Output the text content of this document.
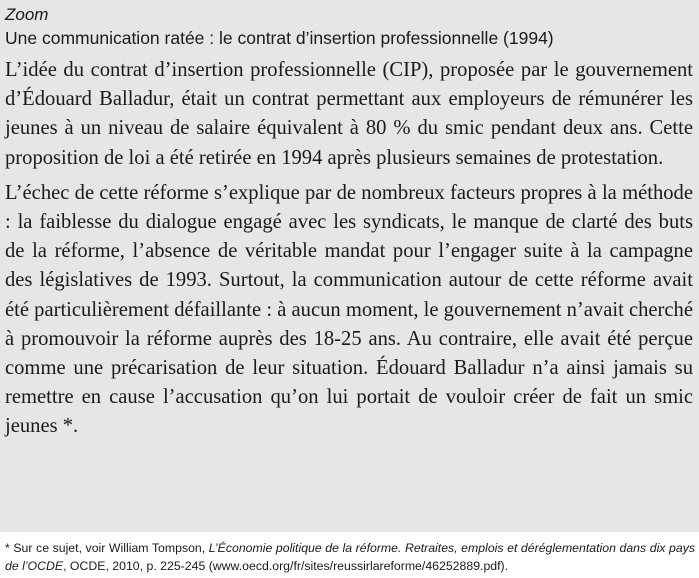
Zoom
Une communication ratée : le contrat d’insertion professionnelle (1994)

L’idée du contrat d’insertion professionnelle (CIP), proposée par le gouvernement d’Édouard Balladur, était un contrat permettant aux employeurs de rémunérer les jeunes à un niveau de salaire équivalent à 80 % du smic pendant deux ans. Cette proposition de loi a été retirée en 1994 après plusieurs semaines de protestation.

L’échec de cette réforme s’explique par de nombreux facteurs propres à la méthode : la faiblesse du dialogue engagé avec les syndicats, le manque de clarté des buts de la réforme, l’absence de véritable mandat pour l’engager suite à la campagne des législatives de 1993. Surtout, la communication autour de cette réforme avait été particulièrement défaillante : à aucun moment, le gouvernement n’avait cherché à promouvoir la réforme auprès des 18-25 ans. Au contraire, elle avait été perçue comme une précarisation de leur situation. Édouard Balladur n’a ainsi jamais su remettre en cause l’accusation qu’on lui portait de vouloir créer de fait un smic jeunes *.

* Sur ce sujet, voir William Tompson, L’Économie politique de la réforme. Retraites, emplois et déréglementation dans dix pays de l’OCDE, OCDE, 2010, p. 225-245 (www.oecd.org/fr/sites/reussirlareforme/46252889.pdf).
